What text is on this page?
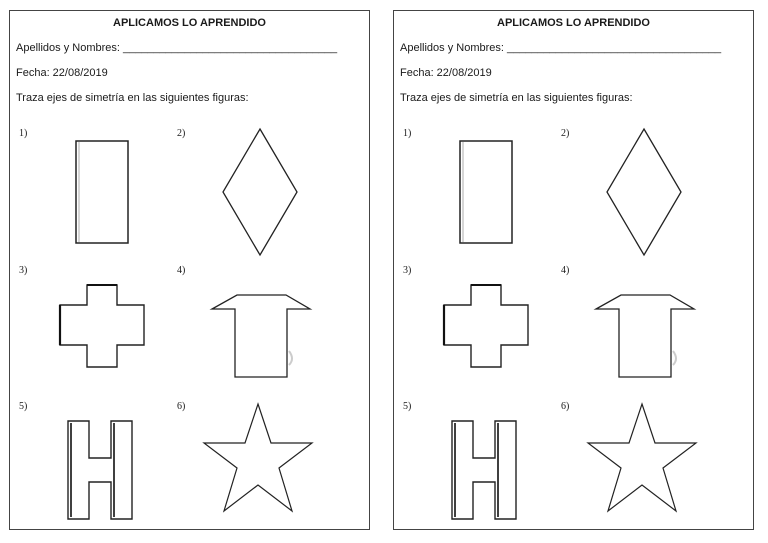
APLICAMOS LO APRENDIDO
Apellidos y Nombres: ___________________________________
Fecha: 22/08/2019
Traza ejes de simetría en las siguientes figuras:
1)	2)
3)	4)
5)	6)
APLICAMOS LO APRENDIDO
Apellidos y Nombres: ___________________________________
Fecha: 22/08/2019
Traza ejes de simetría en las siguientes figuras:
1)	2)
3)	4)
5)	6)
